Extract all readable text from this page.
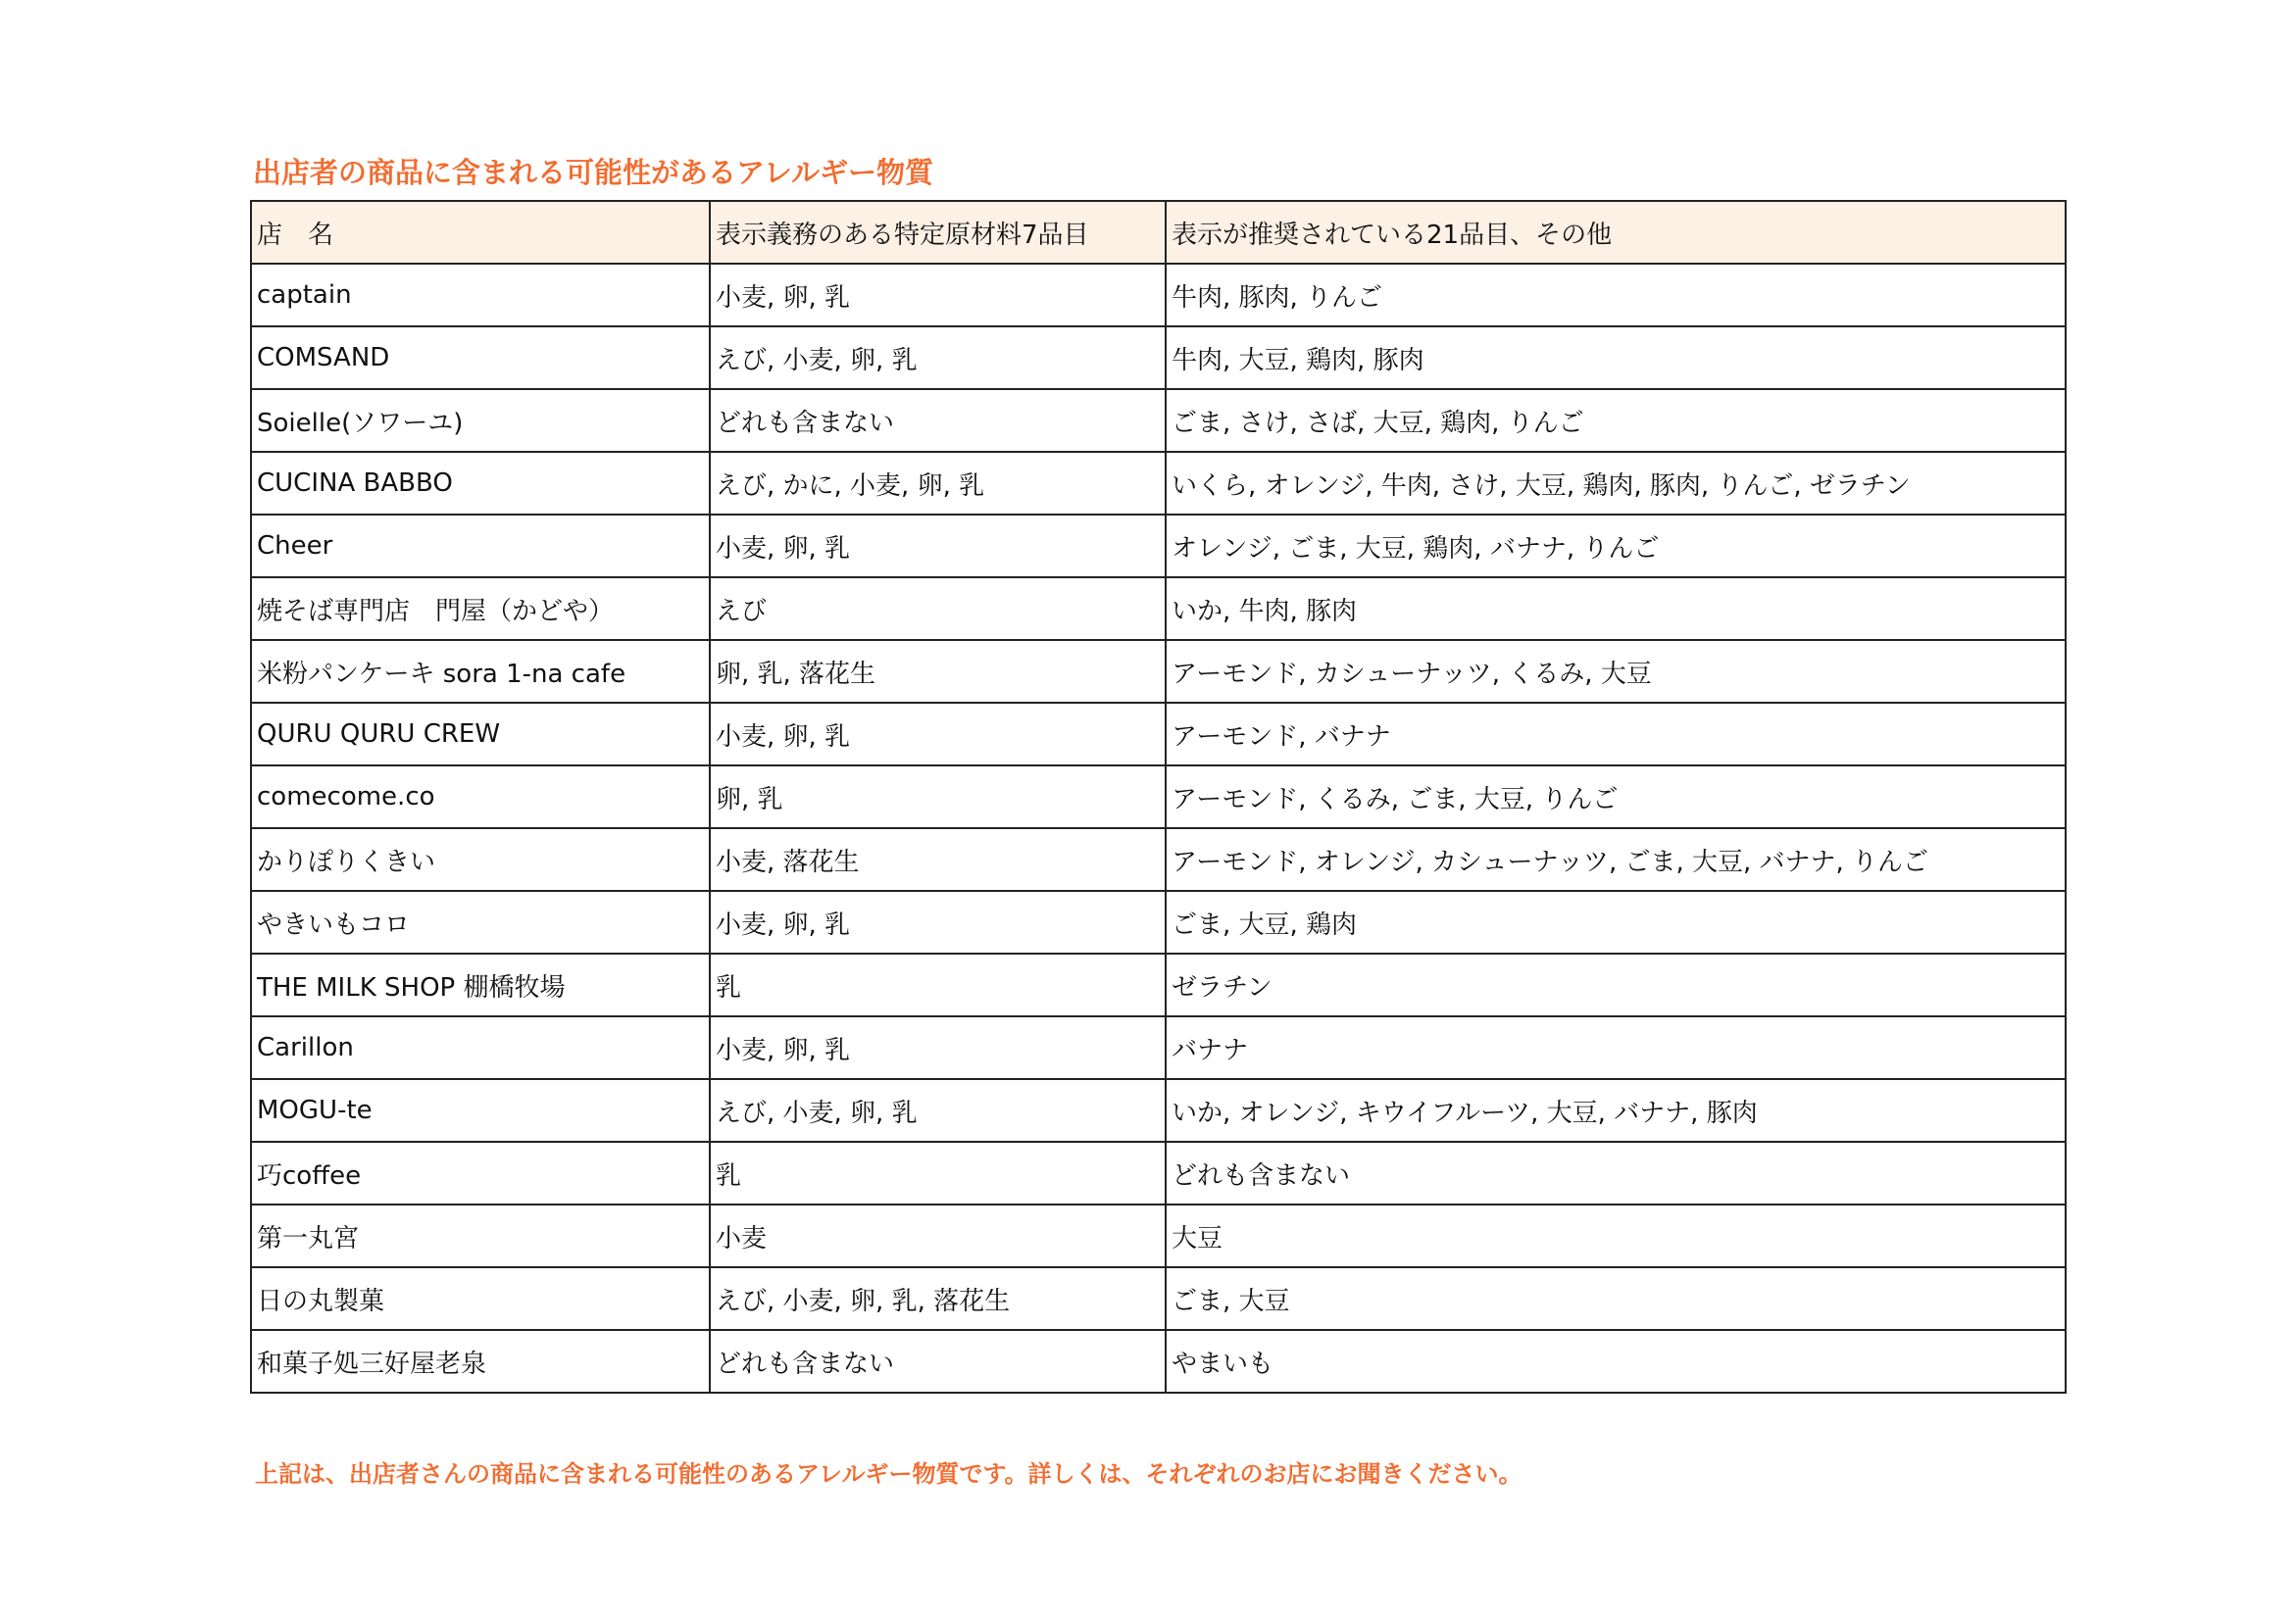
出店者の商品に含まれる可能性があるアレルギー物質
店　名	表示義務のある特定原材料7品目	表示が推奨されている21品目、その他
captain	小麦, 卵, 乳	牛肉, 豚肉, りんご
COMSAND	えび, 小麦, 卵, 乳	牛肉, 大豆, 鶏肉, 豚肉
Soielle(ソワーユ)	どれも含まない	ごま, さけ, さば, 大豆, 鶏肉, りんご
CUCINA BABBO	えび, かに, 小麦, 卵, 乳	いくら, オレンジ, 牛肉, さけ, 大豆, 鶏肉, 豚肉, りんご, ゼラチン
Cheer	小麦, 卵, 乳	オレンジ, ごま, 大豆, 鶏肉, バナナ, りんご
焼そば専門店　門屋（かどや）	えび	いか, 牛肉, 豚肉
米粉パンケーキ sora 1-na cafe	卵, 乳, 落花生	アーモンド, カシューナッツ, くるみ, 大豆
QURU QURU CREW	小麦, 卵, 乳	アーモンド, バナナ
comecome.co	卵, 乳	アーモンド, くるみ, ごま, 大豆, りんご
かりぽりくきい	小麦, 落花生	アーモンド, オレンジ, カシューナッツ, ごま, 大豆, バナナ, りんご
やきいもコロ	小麦, 卵, 乳	ごま, 大豆, 鶏肉
THE MILK SHOP 棚橋牧場	乳	ゼラチン
Carillon	小麦, 卵, 乳	バナナ
MOGU-te	えび, 小麦, 卵, 乳	いか, オレンジ, キウイフルーツ, 大豆, バナナ, 豚肉
巧coffee	乳	どれも含まない
第一丸宮	小麦	大豆
日の丸製菓	えび, 小麦, 卵, 乳, 落花生	ごま, 大豆
和菓子処三好屋老泉	どれも含まない	やまいも
上記は、出店者さんの商品に含まれる可能性のあるアレルギー物質です。詳しくは、それぞれのお店にお聞きください。
